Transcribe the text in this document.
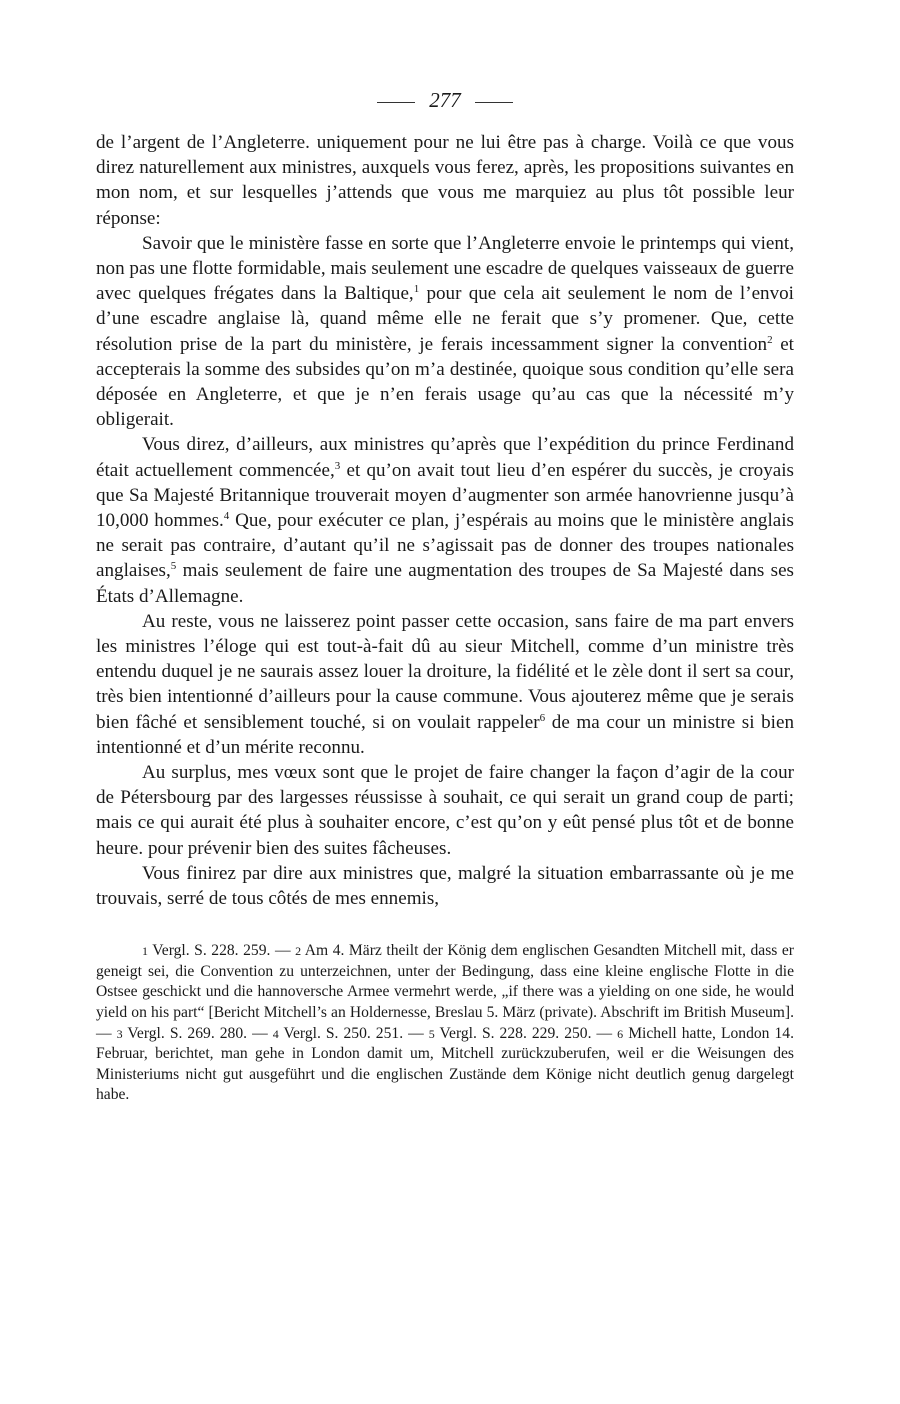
277

de l’argent de l’Angleterre. uniquement pour ne lui être pas à charge. Voilà ce que vous direz naturellement aux ministres, auxquels vous ferez, après, les propositions suivantes en mon nom, et sur lesquelles j’attends que vous me marquiez au plus tôt possible leur réponse:

Savoir que le ministère fasse en sorte que l’Angleterre envoie le printemps qui vient, non pas une flotte formidable, mais seulement une escadre de quelques vaisseaux de guerre avec quelques frégates dans la Baltique,$^1$ pour que cela ait seulement le nom de l’envoi d’une escadre anglaise là, quand même elle ne ferait que s’y promener. Que, cette résolution prise de la part du ministère, je ferais incessamment signer la convention$^2$ et accepterais la somme des subsides qu’on m’a destinée, quoique sous condition qu’elle sera déposée en Angleterre, et que je n’en ferais usage qu’au cas que la nécessité m’y obligerait.

Vous direz, d’ailleurs, aux ministres qu’après que l’expédition du prince Ferdinand était actuellement commencée,$^3$ et qu’on avait tout lieu d’en espérer du succès, je croyais que Sa Majesté Britannique trouverait moyen d’augmenter son armée hanovrienne jusqu’à 10,000 hommes.$^4$ Que, pour exécuter ce plan, j’espérais au moins que le ministère anglais ne serait pas contraire, d’autant qu’il ne s’agissait pas de donner des troupes nationales anglaises,$^5$ mais seulement de faire une augmentation des troupes de Sa Majesté dans ses États d’Allemagne.

Au reste, vous ne laisserez point passer cette occasion, sans faire de ma part envers les ministres l’éloge qui est tout-à-fait dû au sieur Mitchell, comme d’un ministre très entendu duquel je ne saurais assez louer la droiture, la fidélité et le zèle dont il sert sa cour, très bien intentionné d’ailleurs pour la cause commune. Vous ajouterez même que je serais bien fâché et sensiblement touché, si on voulait rappeler$^6$ de ma cour un ministre si bien intentionné et d’un mérite reconnu.

Au surplus, mes vœux sont que le projet de faire changer la façon d’agir de la cour de Pétersbourg par des largesses réussisse à souhait, ce qui serait un grand coup de parti; mais ce qui aurait été plus à souhaiter encore, c’est qu’on y eût pensé plus tôt et de bonne heure. pour prévenir bien des suites fâcheuses.

Vous finirez par dire aux ministres que, malgré la situation embarrassante où je me trouvais, serré de tous côtés de mes ennemis,

1 Vergl. S. 228. 259. — 2 Am 4. März theilt der König dem englischen Gesandten Mitchell mit, dass er geneigt sei, die Convention zu unterzeichnen, unter der Bedingung, dass eine kleine englische Flotte in die Ostsee geschickt und die hannoversche Armee vermehrt werde, „if there was a yielding on one side, he would yield on his part“ [Bericht Mitchell’s an Holdernesse, Breslau 5. März (private). Abschrift im British Museum]. — 3 Vergl. S. 269. 280. — 4 Vergl. S. 250. 251. — 5 Vergl. S. 228. 229. 250. — 6 Michell hatte, London 14. Februar, berichtet, man gehe in London damit um, Mitchell zurückzuberufen, weil er die Weisungen des Ministeriums nicht gut ausgeführt und die englischen Zustände dem Könige nicht deutlich genug dargelegt habe.
